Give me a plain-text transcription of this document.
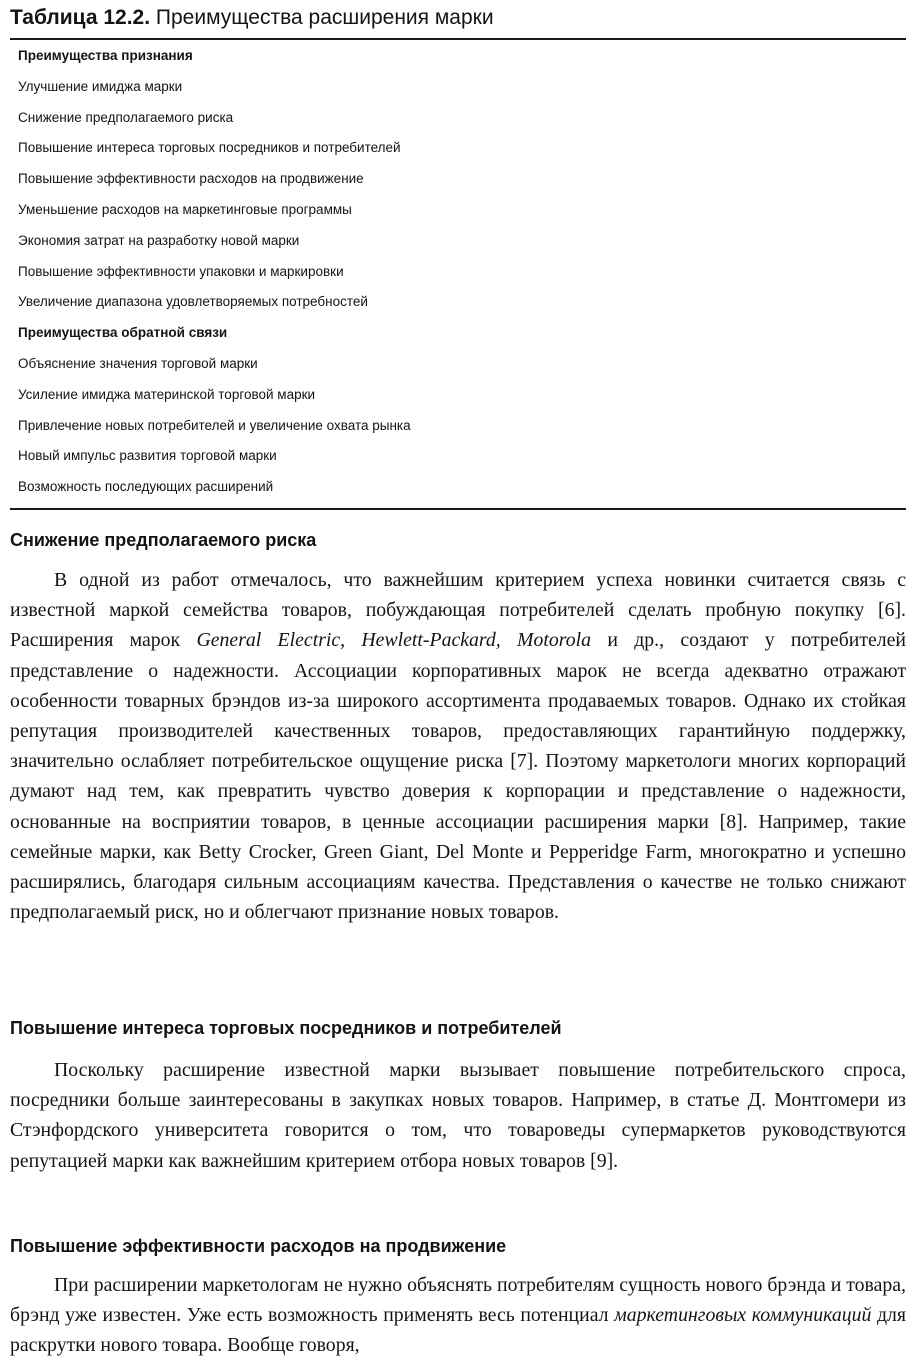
Таблица 12.2. Преимущества расширения марки
Преимущества признания
Улучшение имиджа марки
Снижение предполагаемого риска
Повышение интереса торговых посредников и потребителей
Повышение эффективности расходов на продвижение
Уменьшение расходов на маркетинговые программы
Экономия затрат на разработку новой марки
Повышение эффективности упаковки и маркировки
Увеличение диапазона удовлетворяемых потребностей
Преимущества обратной связи
Объяснение значения торговой марки
Усиление имиджа материнской торговой марки
Привлечение новых потребителей и увеличение охвата рынка
Новый импульс развития торговой марки
Возможность последующих расширений
Снижение предполагаемого риска

В одной из работ отмечалось, что важнейшим критерием успеха новинки считается связь с известной маркой семейства товаров, побуждающая потребителей сделать пробную покупку [6]. Расширения марок General Electric, Hewlett-Packard, Motorola и др., создают у потребителей представление о надежности. Ассоциации корпоративных марок не всегда адекватно отражают особенности товарных брэндов из-за широкого ассортимента продаваемых товаров. Однако их стойкая репутация производителей качественных товаров, предоставляющих гарантийную поддержку, значительно ослабляет потребительское ощущение риска [7]. Поэтому маркетологи многих корпораций думают над тем, как превратить чувство доверия к корпорации и представление о надежности, основанные на восприятии товаров, в ценные ассоциации расширения марки [8]. Например, такие семейные марки, как Betty Crocker, Green Giant, Del Monte и Pepperidge Farm, многократно и успешно расширялись, благодаря сильным ассоциациям качества. Представления о качестве не только снижают предполагаемый риск, но и облегчают признание новых товаров.

Повышение интереса торговых посредников и потребителей

Поскольку расширение известной марки вызывает повышение потребительского спроса, посредники больше заинтересованы в закупках новых товаров. Например, в статье Д. Монтгомери из Стэнфордского университета говорится о том, что товароведы супермаркетов руководствуются репутацией марки как важнейшим критерием отбора новых товаров [9].

Повышение эффективности расходов на продвижение

При расширении маркетологам не нужно объяснять потребителям сущность нового брэнда и товара, брэнд уже известен. Уже есть возможность применять весь потенциал маркетинговых коммуникаций для раскрутки нового товара. Вообще говоря,
